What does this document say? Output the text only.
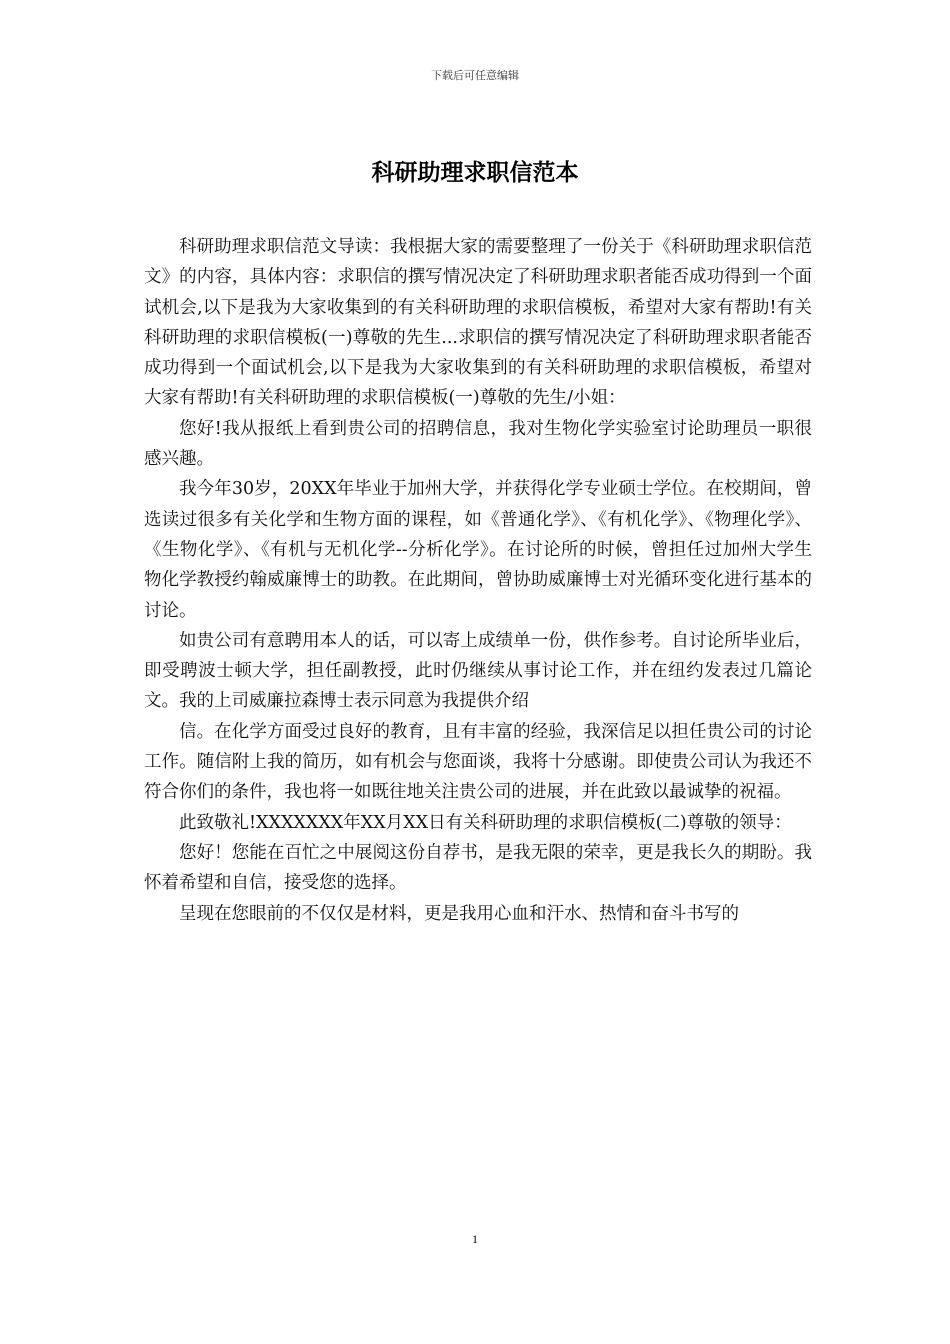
下载后可任意编辑
科研助理求职信范本

科研助理求职信范文导读：我根据大家的需要整理了一份关于《科研助理求职信范文》的内容，具体内容：求职信的撰写情况决定了科研助理求职者能否成功得到一个面试机会,以下是我为大家收集到的有关科研助理的求职信模板，希望对大家有帮助!有关科研助理的求职信模板(一)尊敬的先生...求职信的撰写情况决定了科研助理求职者能否成功得到一个面试机会,以下是我为大家收集到的有关科研助理的求职信模板，希望对大家有帮助!有关科研助理的求职信模板(一)尊敬的先生/小姐：

您好!我从报纸上看到贵公司的招聘信息，我对生物化学实验室讨论助理员一职很感兴趣。

我今年30岁，20XX年毕业于加州大学，并获得化学专业硕士学位。在校期间，曾选读过很多有关化学和生物方面的课程，如《普通化学》、《有机化学》、《物理化学》、《生物化学》、《有机与无机化学--分析化学》。在讨论所的时候，曾担任过加州大学生物化学教授约翰威廉博士的助教。在此期间，曾协助威廉博士对光循环变化进行基本的讨论。

如贵公司有意聘用本人的话，可以寄上成绩单一份，供作参考。自讨论所毕业后，即受聘波士顿大学，担任副教授，此时仍继续从事讨论工作，并在纽约发表过几篇论文。我的上司威廉拉森博士表示同意为我提供介绍

信。在化学方面受过良好的教育，且有丰富的经验，我深信足以担任贵公司的讨论工作。随信附上我的简历，如有机会与您面谈，我将十分感谢。即使贵公司认为我还不符合你们的条件，我也将一如既往地关注贵公司的进展，并在此致以最诚挚的祝福。

此致敬礼!XXXXXXX年XX月XX日有关科研助理的求职信模板(二)尊敬的领导：

您好！您能在百忙之中展阅这份自荐书，是我无限的荣幸，更是我长久的期盼。我怀着希望和自信，接受您的选择。

呈现在您眼前的不仅仅是材料，更是我用心血和汗水、热情和奋斗书写的

1
